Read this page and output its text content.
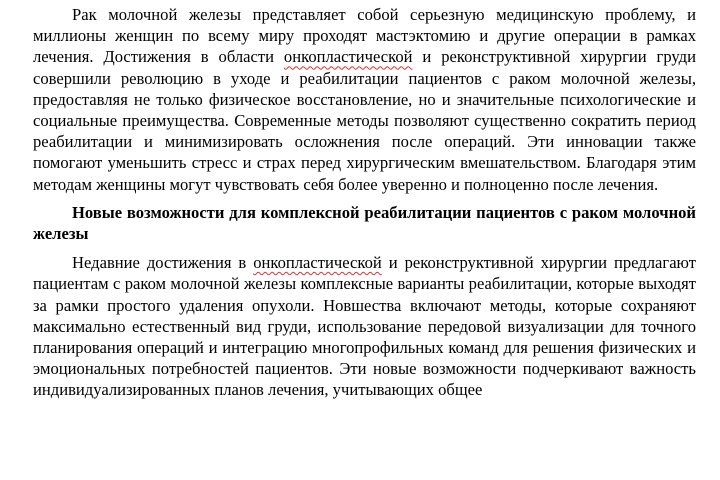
Рак молочной железы представляет собой серьезную медицинскую проблему, и миллионы женщин по всему миру проходят мастэктомию и другие операции в рамках лечения. Достижения в области онкопластической и реконструктивной хирургии груди совершили революцию в уходе и реабилитации пациентов с раком молочной железы, предоставляя не только физическое восстановление, но и значительные психологические и социальные преимущества. Современные методы позволяют существенно сократить период реабилитации и минимизировать осложнения после операций. Эти инновации также помогают уменьшить стресс и страх перед хирургическим вмешательством. Благодаря этим методам женщины могут чувствовать себя более уверенно и полноценно после лечения.

Новые возможности для комплексной реабилитации пациентов с раком молочной железы

Недавние достижения в онкопластической и реконструктивной хирургии предлагают пациентам с раком молочной железы комплексные варианты реабилитации, которые выходят за рамки простого удаления опухоли. Новшества включают методы, которые сохраняют максимально естественный вид груди, использование передовой визуализации для точного планирования операций и интеграцию многопрофильных команд для решения физических и эмоциональных потребностей пациентов. Эти новые возможности подчеркивают важность индивидуализированных планов лечения, учитывающих общее
